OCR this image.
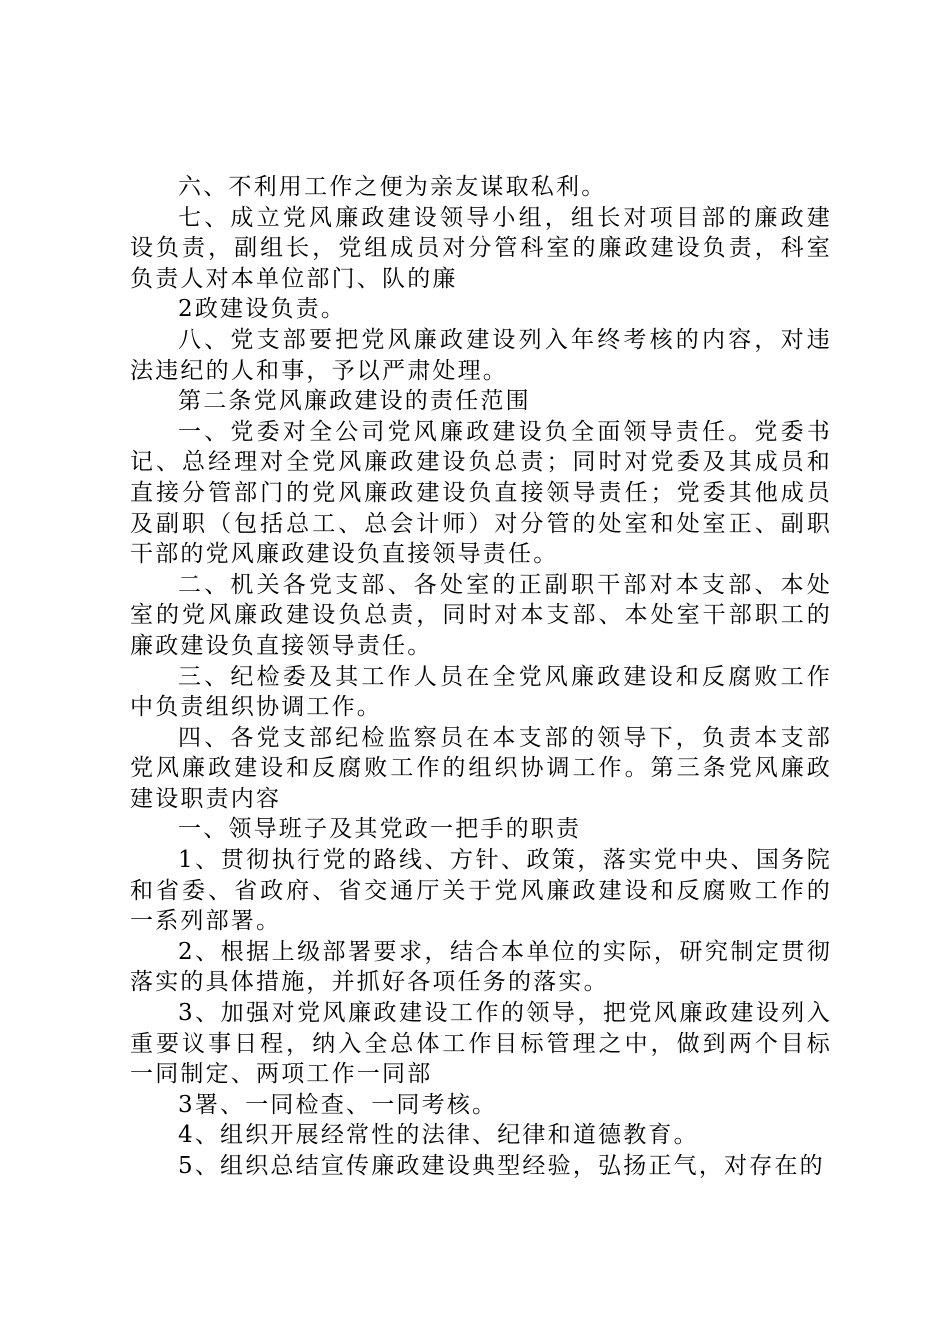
六、不利用工作之便为亲友谋取私利。

七、成立党风廉政建设领导小组，组长对项目部的廉政建设负责，副组长，党组成员对分管科室的廉政建设负责，科室负责人对本单位部门、队的廉

2政建设负责。

八、党支部要把党风廉政建设列入年终考核的内容，对违法违纪的人和事，予以严肃处理。

第二条党风廉政建设的责任范围

一、党委对全公司党风廉政建设负全面领导责任。党委书记、总经理对全党风廉政建设负总责；同时对党委及其成员和直接分管部门的党风廉政建设负直接领导责任；党委其他成员及副职（包括总工、总会计师）对分管的处室和处室正、副职干部的党风廉政建设负直接领导责任。

二、机关各党支部、各处室的正副职干部对本支部、本处室的党风廉政建设负总责，同时对本支部、本处室干部职工的廉政建设负直接领导责任。

三、纪检委及其工作人员在全党风廉政建设和反腐败工作中负责组织协调工作。

四、各党支部纪检监察员在本支部的领导下，负责本支部党风廉政建设和反腐败工作的组织协调工作。第三条党风廉政建设职责内容

一、领导班子及其党政一把手的职责

1、贯彻执行党的路线、方针、政策，落实党中央、国务院和省委、省政府、省交通厅关于党风廉政建设和反腐败工作的一系列部署。

2、根据上级部署要求，结合本单位的实际，研究制定贯彻落实的具体措施，并抓好各项任务的落实。

3、加强对党风廉政建设工作的领导，把党风廉政建设列入重要议事日程，纳入全总体工作目标管理之中，做到两个目标一同制定、两项工作一同部

3署、一同检查、一同考核。

4、组织开展经常性的法律、纪律和道德教育。

5、组织总结宣传廉政建设典型经验，弘扬正气，对存在的
